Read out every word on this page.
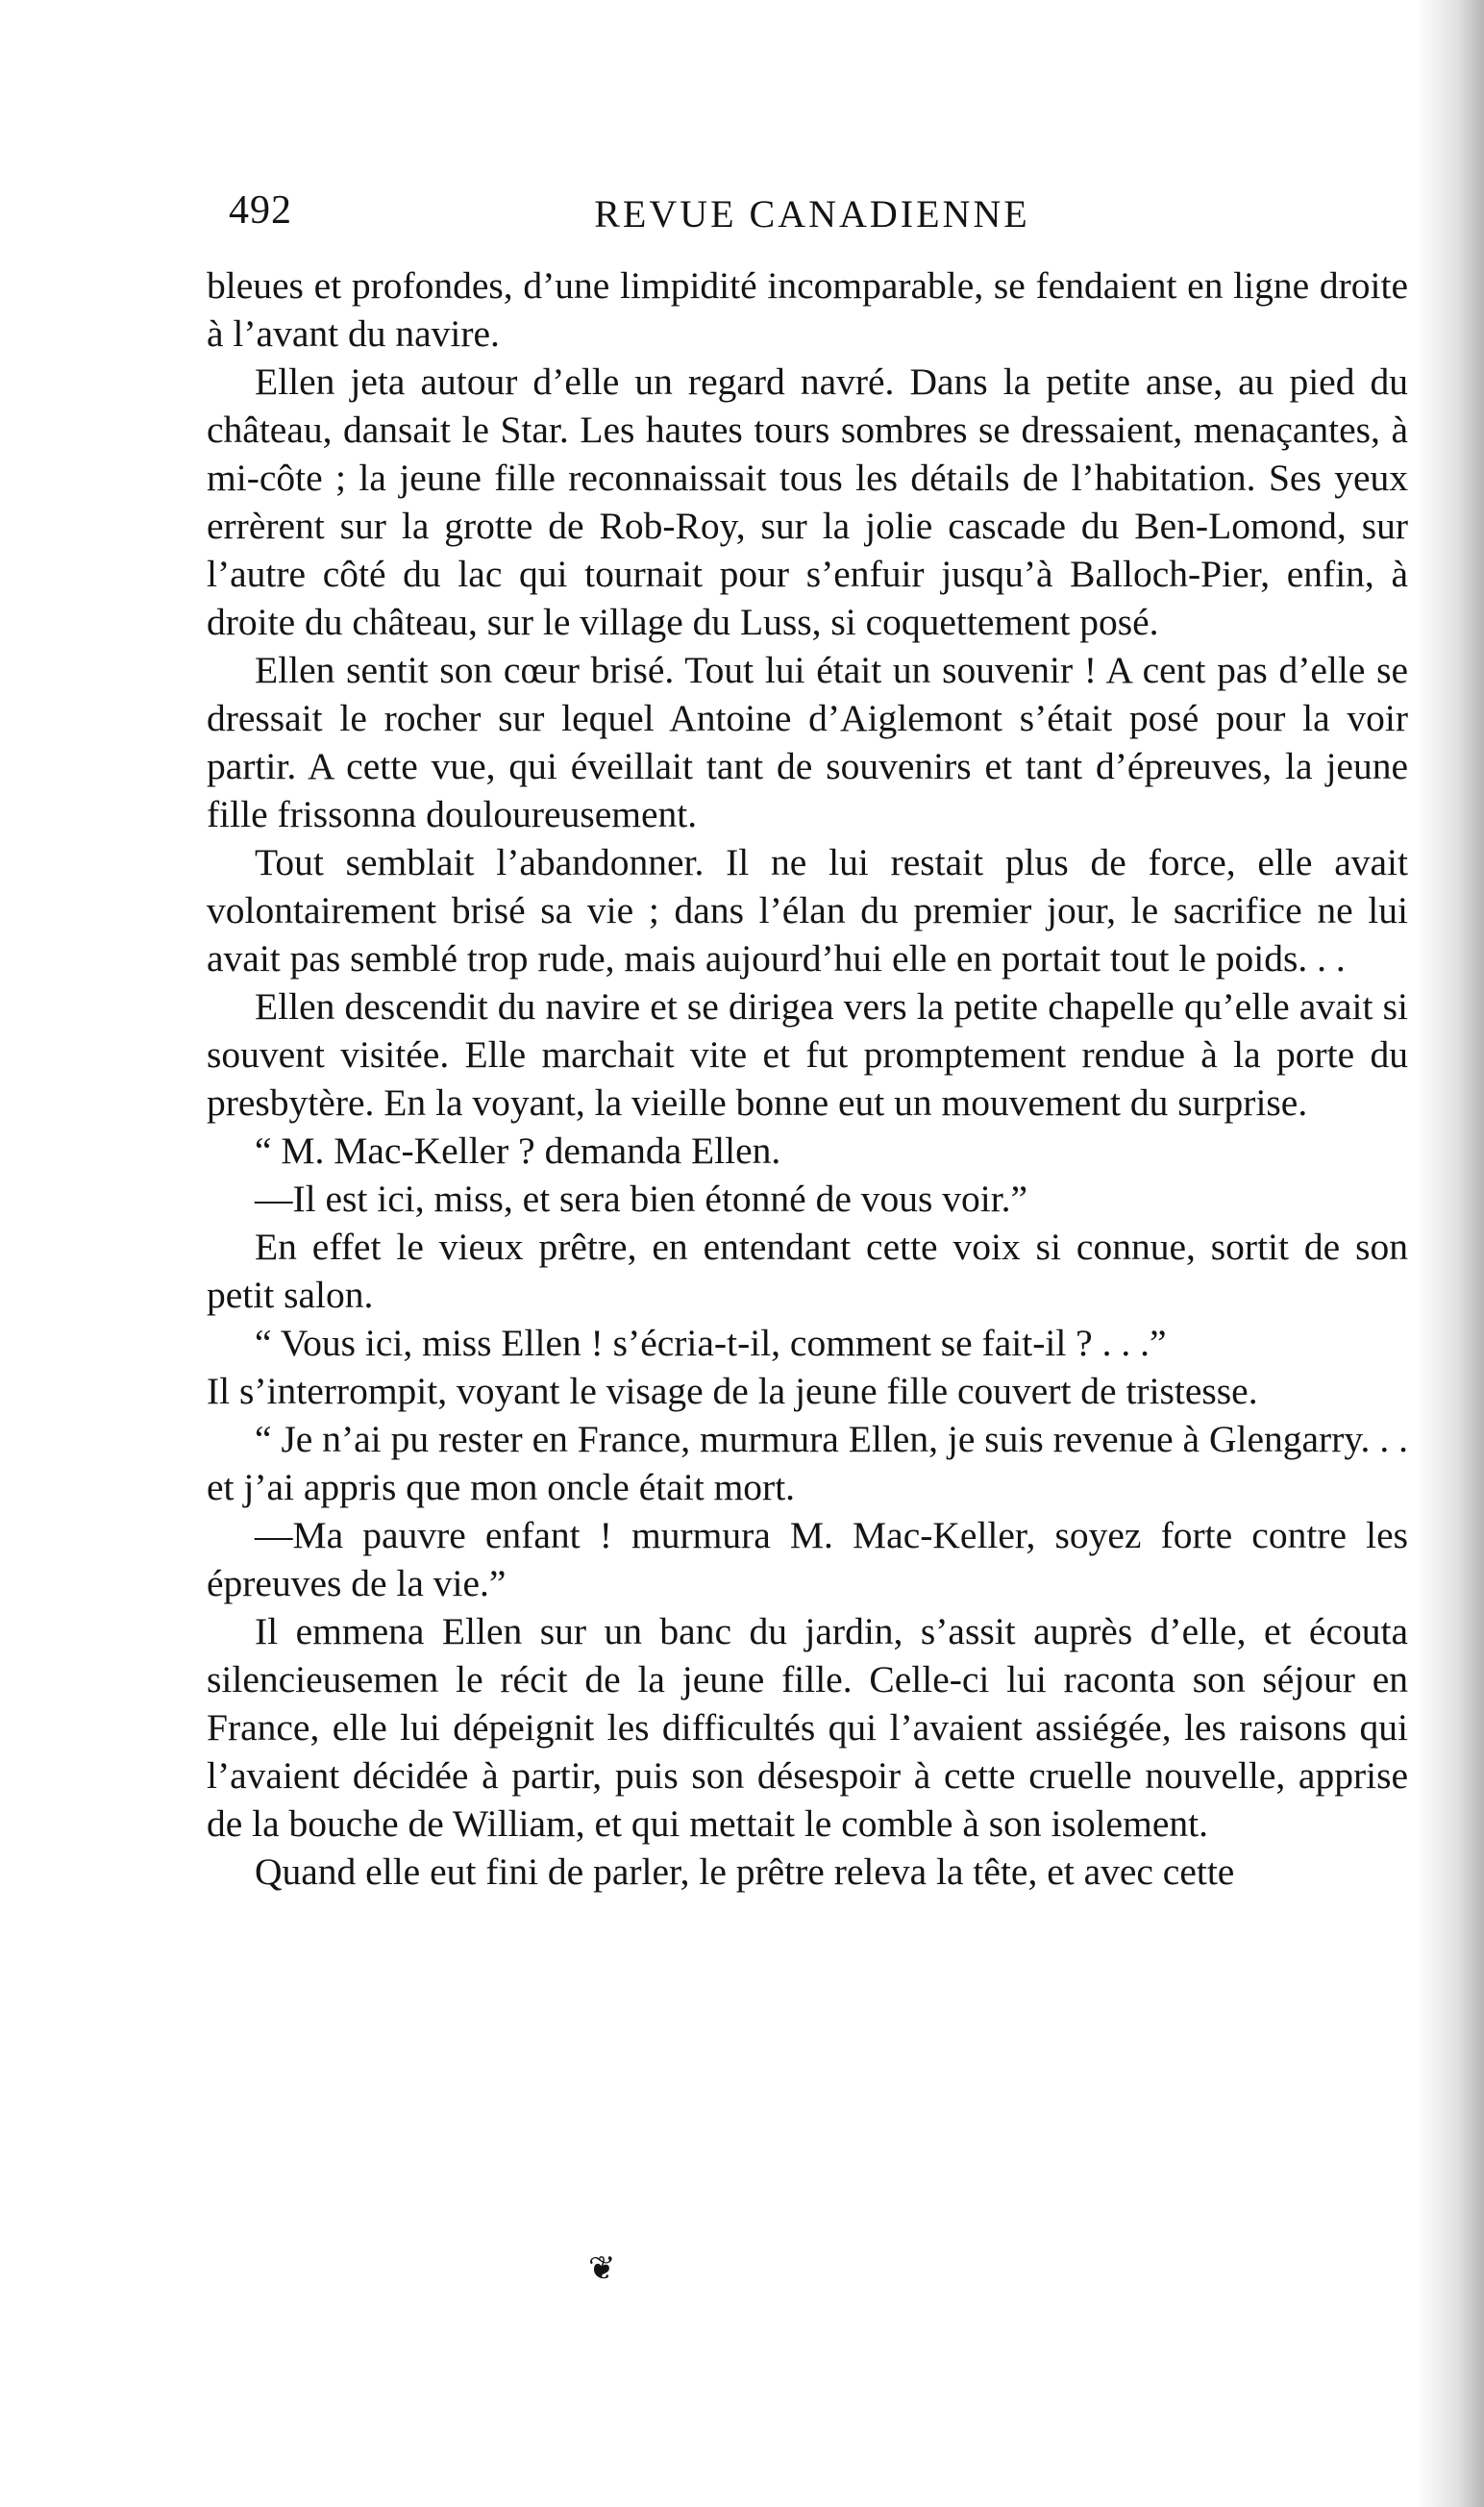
492	REVUE CANADIENNE

bleues et profondes, d’une limpidité incomparable, se fendaient en ligne droite à l’avant du navire.

Ellen jeta autour d’elle un regard navré. Dans la petite anse, au pied du château, dansait le Star. Les hautes tours sombres se dressaient, menaçantes, à mi-côte ; la jeune fille reconnaissait tous les détails de l’habitation. Ses yeux errèrent sur la grotte de Rob-Roy, sur la jolie cascade du Ben-Lomond, sur l’autre côté du lac qui tournait pour s’enfuir jusqu’à Balloch-Pier, enfin, à droite du château, sur le village du Luss, si coquettement posé.

Ellen sentit son cœur brisé. Tout lui était un souvenir ! A cent pas d’elle se dressait le rocher sur lequel Antoine d’Aiglemont s’était posé pour la voir partir. A cette vue, qui éveillait tant de souvenirs et tant d’épreuves, la jeune fille frissonna douloureusement.

Tout semblait l’abandonner. Il ne lui restait plus de force, elle avait volontairement brisé sa vie ; dans l’élan du premier jour, le sacrifice ne lui avait pas semblé trop rude, mais aujourd’hui elle en portait tout le poids. . .

Ellen descendit du navire et se dirigea vers la petite chapelle qu’elle avait si souvent visitée. Elle marchait vite et fut promptement rendue à la porte du presbytère. En la voyant, la vieille bonne eut un mouvement du surprise.

“ M. Mac-Keller ? demanda Ellen.

—Il est ici, miss, et sera bien étonné de vous voir.”

En effet le vieux prêtre, en entendant cette voix si connue, sortit de son petit salon.

“ Vous ici, miss Ellen ! s’écria-t-il, comment se fait-il ? . . .”

Il s’interrompit, voyant le visage de la jeune fille couvert de tristesse.

“ Je n’ai pu rester en France, murmura Ellen, je suis revenue à Glengarry. . . et j’ai appris que mon oncle était mort.

—Ma pauvre enfant ! murmura M. Mac-Keller, soyez forte contre les épreuves de la vie.”

Il emmena Ellen sur un banc du jardin, s’assit auprès d’elle, et écouta silencieusemen le récit de la jeune fille. Celle-ci lui raconta son séjour en France, elle lui dépeignit les difficultés qui l’avaient assiégée, les raisons qui l’avaient décidée à partir, puis son désespoir à cette cruelle nouvelle, apprise de la bouche de William, et qui mettait le comble à son isolement.

Quand elle eut fini de parler, le prêtre releva la tête, et avec cette

❦
